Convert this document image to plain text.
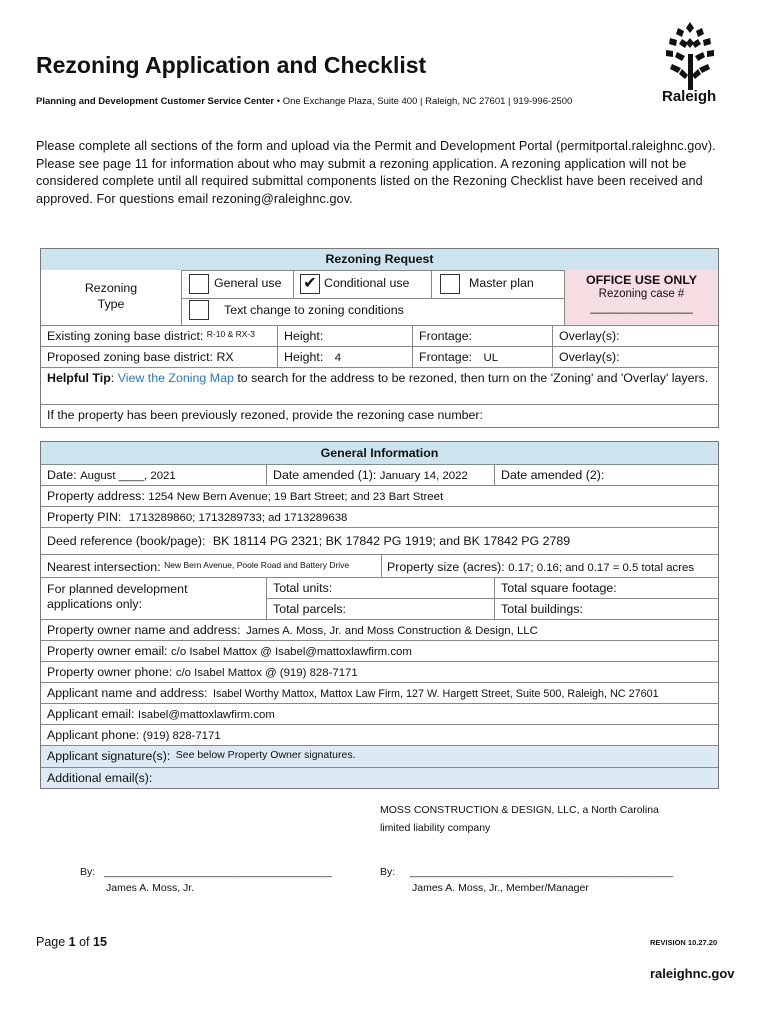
Rezoning Application and Checklist
Planning and Development Customer Service Center • One Exchange Plaza, Suite 400 | Raleigh, NC 27601 | 919-996-2500	Raleigh
Please complete all sections of the form and upload via the Permit and Development Portal (permitportal.raleighnc.gov). Please see page 11 for information about who may submit a rezoning application. A rezoning application will not be considered complete until all required submittal components listed on the Rezoning Checklist have been received and approved. For questions email rezoning@raleighnc.gov.
Rezoning Request
Rezoning
Type
General use ✔ Conditional use	Master plan
Text change to zoning conditions
OFFICE USE ONLY
Rezoning case #
________________
Existing zoning base district: $^{R-10 \& RX-3}$	Height:	Frontage:	Overlay(s):
Proposed zoning base district: RX	Height: 4	Frontage: UL	Overlay(s):
Helpful Tip: View the Zoning Map to search for the address to be rezoned, then turn on the 'Zoning' and 'Overlay' layers.
If the property has been previously rezoned, provide the rezoning case number:
General Information
Date: August ____, 2021	Date amended (1): January 14, 2022	Date amended (2):
Property address: 1254 New Bern Avenue; 19 Bart Street; and 23 Bart Street
Property PIN: 1713289860; 1713289733; ad 1713289638
Deed reference (book/page): BK 18114 PG 2321; BK 17842 PG 1919; and BK 17842 PG 2789
Nearest intersection: $^{New Bern Avenue, Poole Road and Battery Drive}$	Property size (acres): 0.17; 0.16; and 0.17 = 0.5 total acres
For planned development
applications only:
Total units:	Total square footage:
Total parcels:	Total buildings:
Property owner name and address: James A. Moss, Jr. and Moss Construction & Design, LLC
Property owner email: c/o Isabel Mattox @ Isabel@mattoxlawfirm.com
Property owner phone: c/o Isabel Mattox @ (919) 828-7171
Applicant name and address: Isabel Worthy Mattox, Mattox Law Firm, 127 W. Hargett Street, Suite 500, Raleigh, NC 27601
Applicant email: Isabel@mattoxlawfirm.com
Applicant phone: (919) 828-7171
Applicant signature(s): $^{See below Property Owner signatures.}$
Additional email(s):
MOSS CONSTRUCTION & DESIGN, LLC, a North Carolina
limited liability company
By: _______________________________________
James A. Moss, Jr.
By: _____________________________________________
James A. Moss, Jr., Member/Manager
Page 1 of 15	REVISION 10.27.20
raleighnc.gov
